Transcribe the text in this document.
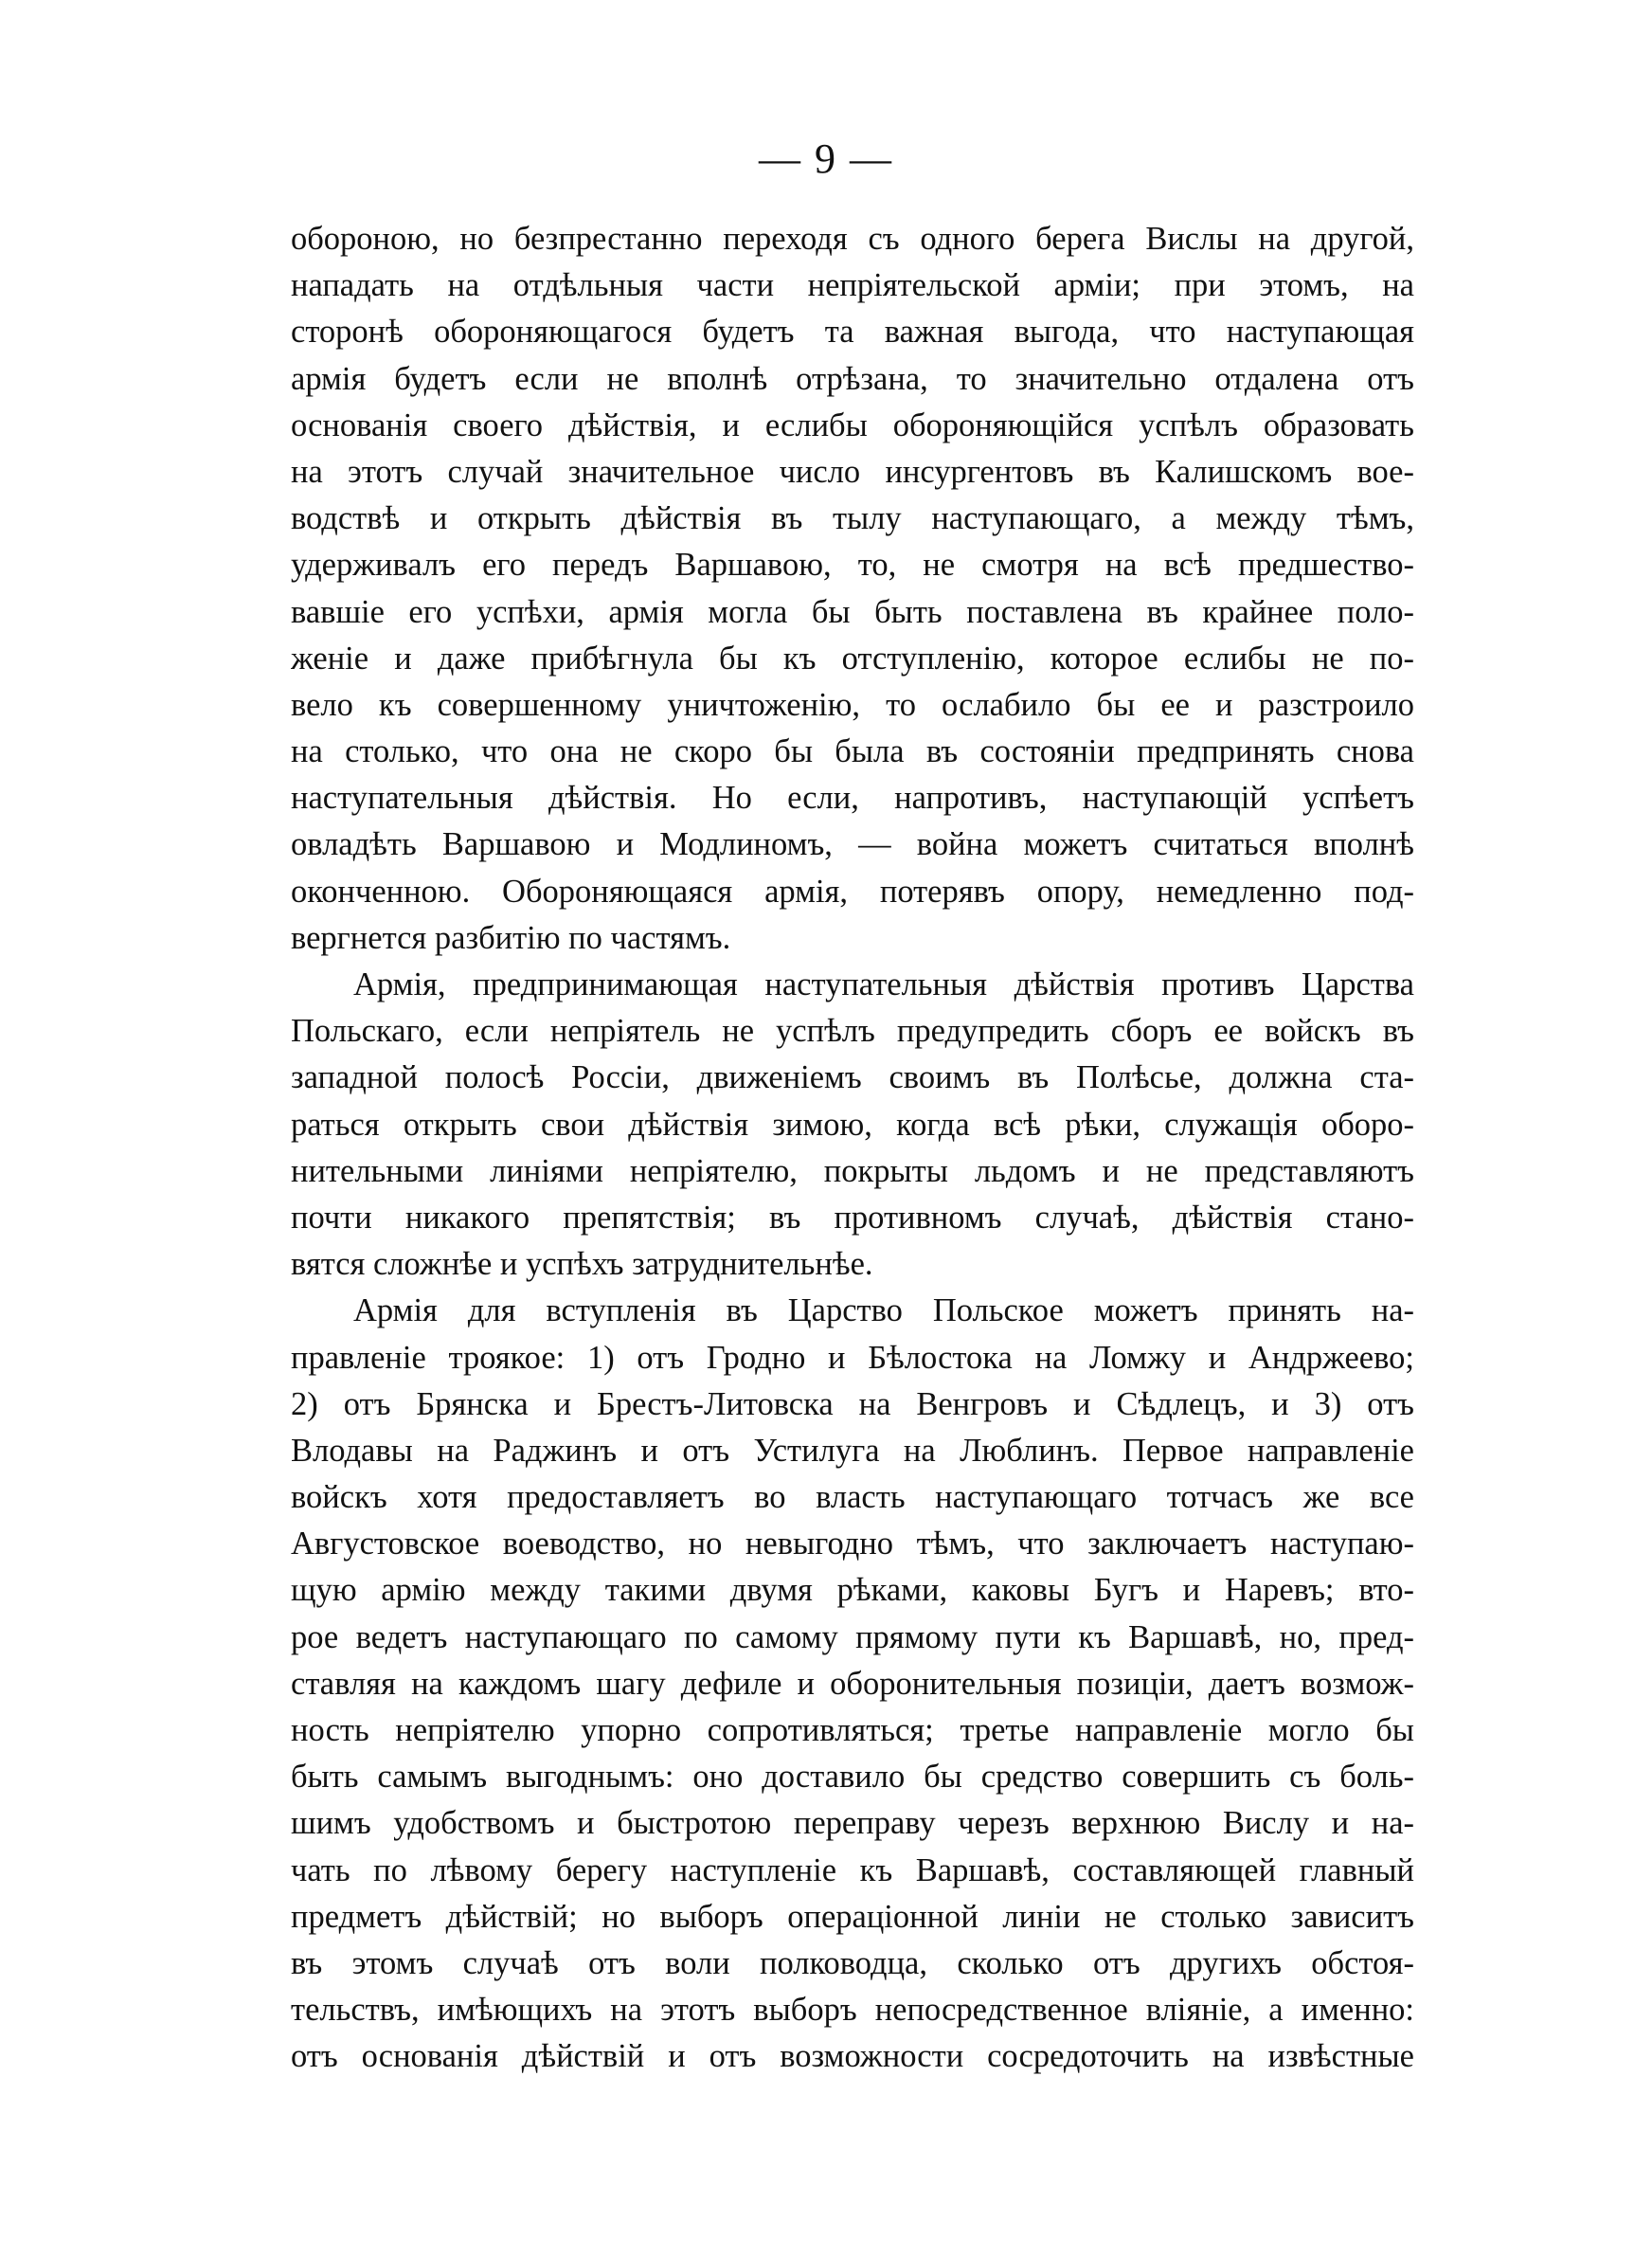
— 9 —
обороною, но безпрестанно переходя съ одного берега Вислы на другой,
нападать на отдѣльныя части непріятельской арміи; при этомъ, на
сторонѣ обороняющагося будетъ та важная выгода, что наступающая
армія будетъ если не вполнѣ отрѣзана, то значительно отдалена отъ
основанія своего дѣйствія, и еслибы обороняющійся успѣлъ образовать
на этотъ случай значительное число инсургентовъ въ Калишскомъ вое-
водствѣ и открыть дѣйствія въ тылу наступающаго, а между тѣмъ,
удерживалъ его передъ Варшавою, то, не смотря на всѣ предшество-
вавшіе его успѣхи, армія могла бы быть поставлена въ крайнее поло-
женіе и даже прибѣгнула бы къ отступленію, которое еслибы не по-
вело къ совершенному уничтоженію, то ослабило бы ее и разстроило
на столько, что она не скоро бы была въ состояніи предпринять снова
наступательныя дѣйствія. Но если, напротивъ, наступающій успѣетъ
овладѣть Варшавою и Модлиномъ, — война можетъ считаться вполнѣ
оконченною. Обороняющаяся армія, потерявъ опору, немедленно под-
вергнется разбитію по частямъ.
Армія, предпринимающая наступательныя дѣйствія противъ Царства
Польскаго, если непріятель не успѣлъ предупредить сборъ ее войскъ въ
западной полосѣ Россіи, движеніемъ своимъ въ Полѣсье, должна ста-
раться открыть свои дѣйствія зимою, когда всѣ рѣки, служащія оборо-
нительными линіями непріятелю, покрыты льдомъ и не представляютъ
почти никакого препятствія; въ противномъ случаѣ, дѣйствія стано-
вятся сложнѣе и успѣхъ затруднительнѣе.
Армія для вступленія въ Царство Польское можетъ принять на-
правленіе троякое: 1) отъ Гродно и Бѣлостока на Ломжу и Андржеево;
2) отъ Брянска и Брестъ-Литовска на Венгровъ и Сѣдлецъ, и 3) отъ
Влодавы на Раджинъ и отъ Устилуга на Люблинъ. Первое направленіе
войскъ хотя предоставляетъ во власть наступающаго тотчасъ же все
Августовское воеводство, но невыгодно тѣмъ, что заключаетъ наступаю-
щую армію между такими двумя рѣками, каковы Бугъ и Наревъ; вто-
рое ведетъ наступающаго по самому прямому пути къ Варшавѣ, но, пред-
ставляя на каждомъ шагу дефиле и оборонительныя позиціи, даетъ возмож-
ность непріятелю упорно сопротивляться; третье направленіе могло бы
быть самымъ выгоднымъ: оно доставило бы средство совершить съ боль-
шимъ удобствомъ и быстротою переправу черезъ верхнюю Вислу и на-
чать по лѣвому берегу наступленіе къ Варшавѣ, составляющей главный
предметъ дѣйствій; но выборъ операціонной линіи не столько зависитъ
въ этомъ случаѣ отъ воли полководца, сколько отъ другихъ обстоя-
тельствъ, имѣющихъ на этотъ выборъ непосредственное вліяніе, а именно:
отъ основанія дѣйствій и отъ возможности сосредоточить на извѣстные
